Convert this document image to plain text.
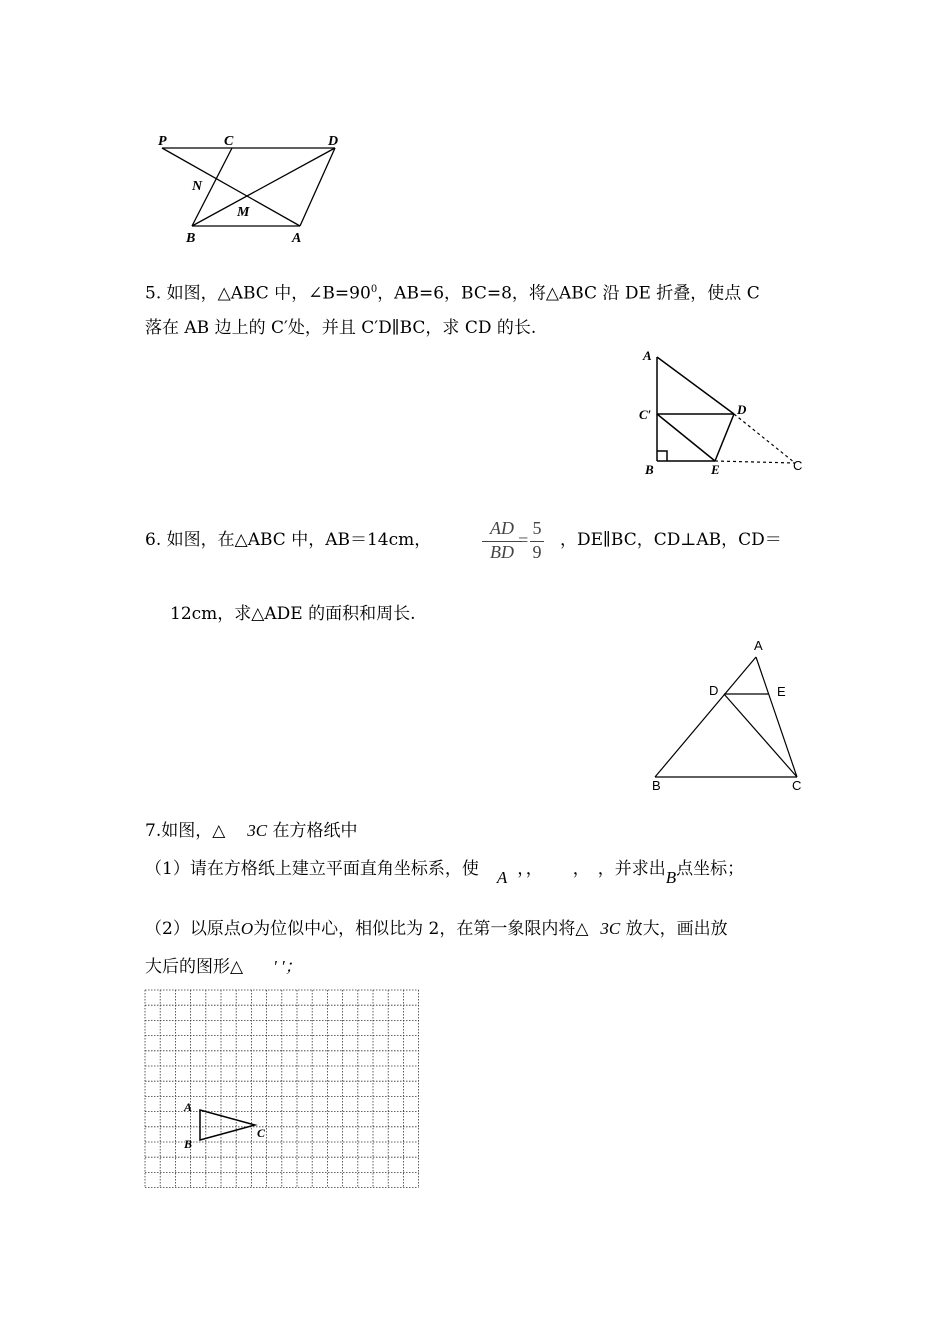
P	C	D
N
M
B	A
5. 如图，△ABC 中，$\angle B=90^0$，AB=6，BC=8，将△ABC 沿 DE 折叠，使点 C
落在 AB 边上的 C′处，并且 C′D∥BC，求 CD 的长.
A
C′	D
B	E	C
6. 如图，在△ABC 中，AB＝14cm，	$\frac{AD}{BD}$
= $\frac{5}{9}$ ，DE∥BC，CD⊥AB，CD＝
12cm，求△ADE 的面积和周长.
A
D	E
B	C
7.如图，△ 3C 在方格纸中
（1）请在方格纸上建立平面直角坐标系，使 A ，， ， ，并求出B点坐标；
（2）以原点O为位似中心，相似比为 2，在第一象限内将△ 3C 放大，画出放
大后的图形△ ′ ′；
A
B
C
